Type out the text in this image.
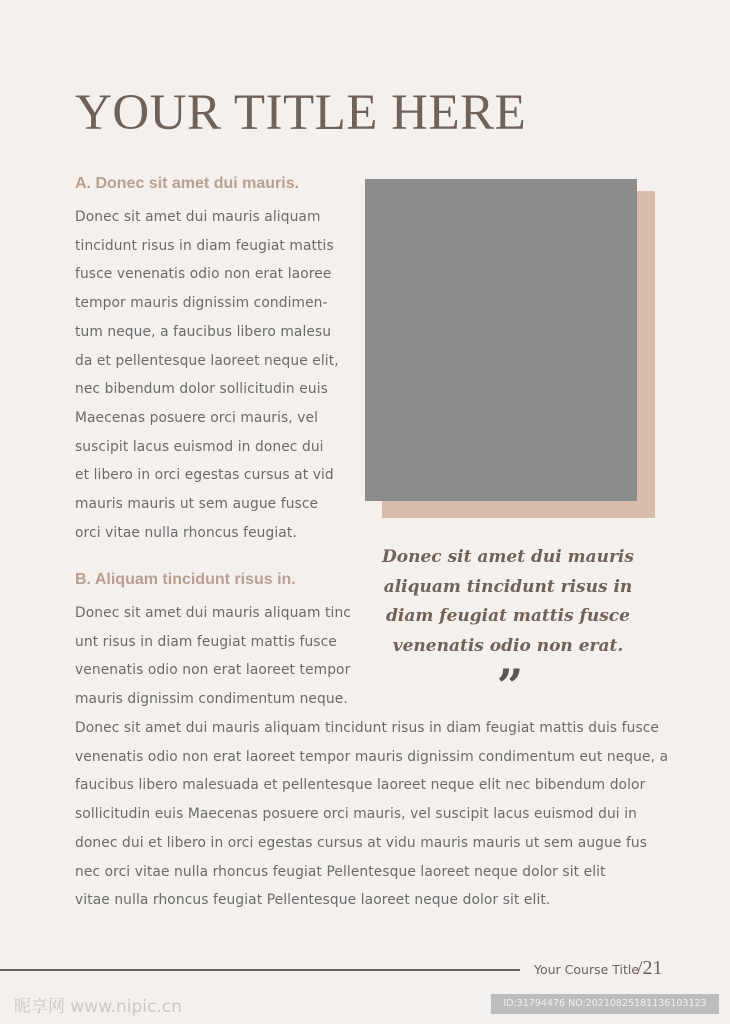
YOUR TITLE HERE
A. Donec sit amet dui mauris.
Donec sit amet dui mauris aliquam
tincidunt risus in diam feugiat mattis
fusce venenatis odio non erat laoree
tempor mauris dignissim condimen-
tum neque, a faucibus libero malesu
da et pellentesque laoreet neque elit,
nec bibendum dolor sollicitudin euis
Maecenas posuere orci mauris, vel
suscipit lacus euismod in donec dui
et libero in orci egestas cursus at vid
mauris mauris ut sem augue fusce
orci vitae nulla rhoncus feugiat.
B. Aliquam tincidunt risus in.
Donec sit amet dui mauris aliquam tinc
unt risus in diam feugiat mattis fusce
venenatis odio non erat laoreet tempor
mauris dignissim condimentum neque.
Donec sit amet dui mauris aliquam tincidunt risus in diam feugiat mattis duis fusce
venenatis odio non erat laoreet tempor mauris dignissim condimentum eut neque, a
faucibus libero malesuada et pellentesque laoreet neque elit nec bibendum dolor
sollicitudin euis Maecenas posuere orci mauris, vel suscipit lacus euismod dui in
donec dui et libero in orci egestas cursus at vidu mauris mauris ut sem augue fus
nec orci vitae nulla rhoncus feugiat Pellentesque laoreet neque dolor sit elit
vitae nulla rhoncus feugiat Pellentesque laoreet neque dolor sit elit.
Donec sit amet dui mauris
aliquam tincidunt risus in
diam feugiat mattis fusce
venenatis odio non erat.
”
Your Course Title
/21
昵享网 www.nipic.cn	ID:31794476 NO:20210825181136103123
